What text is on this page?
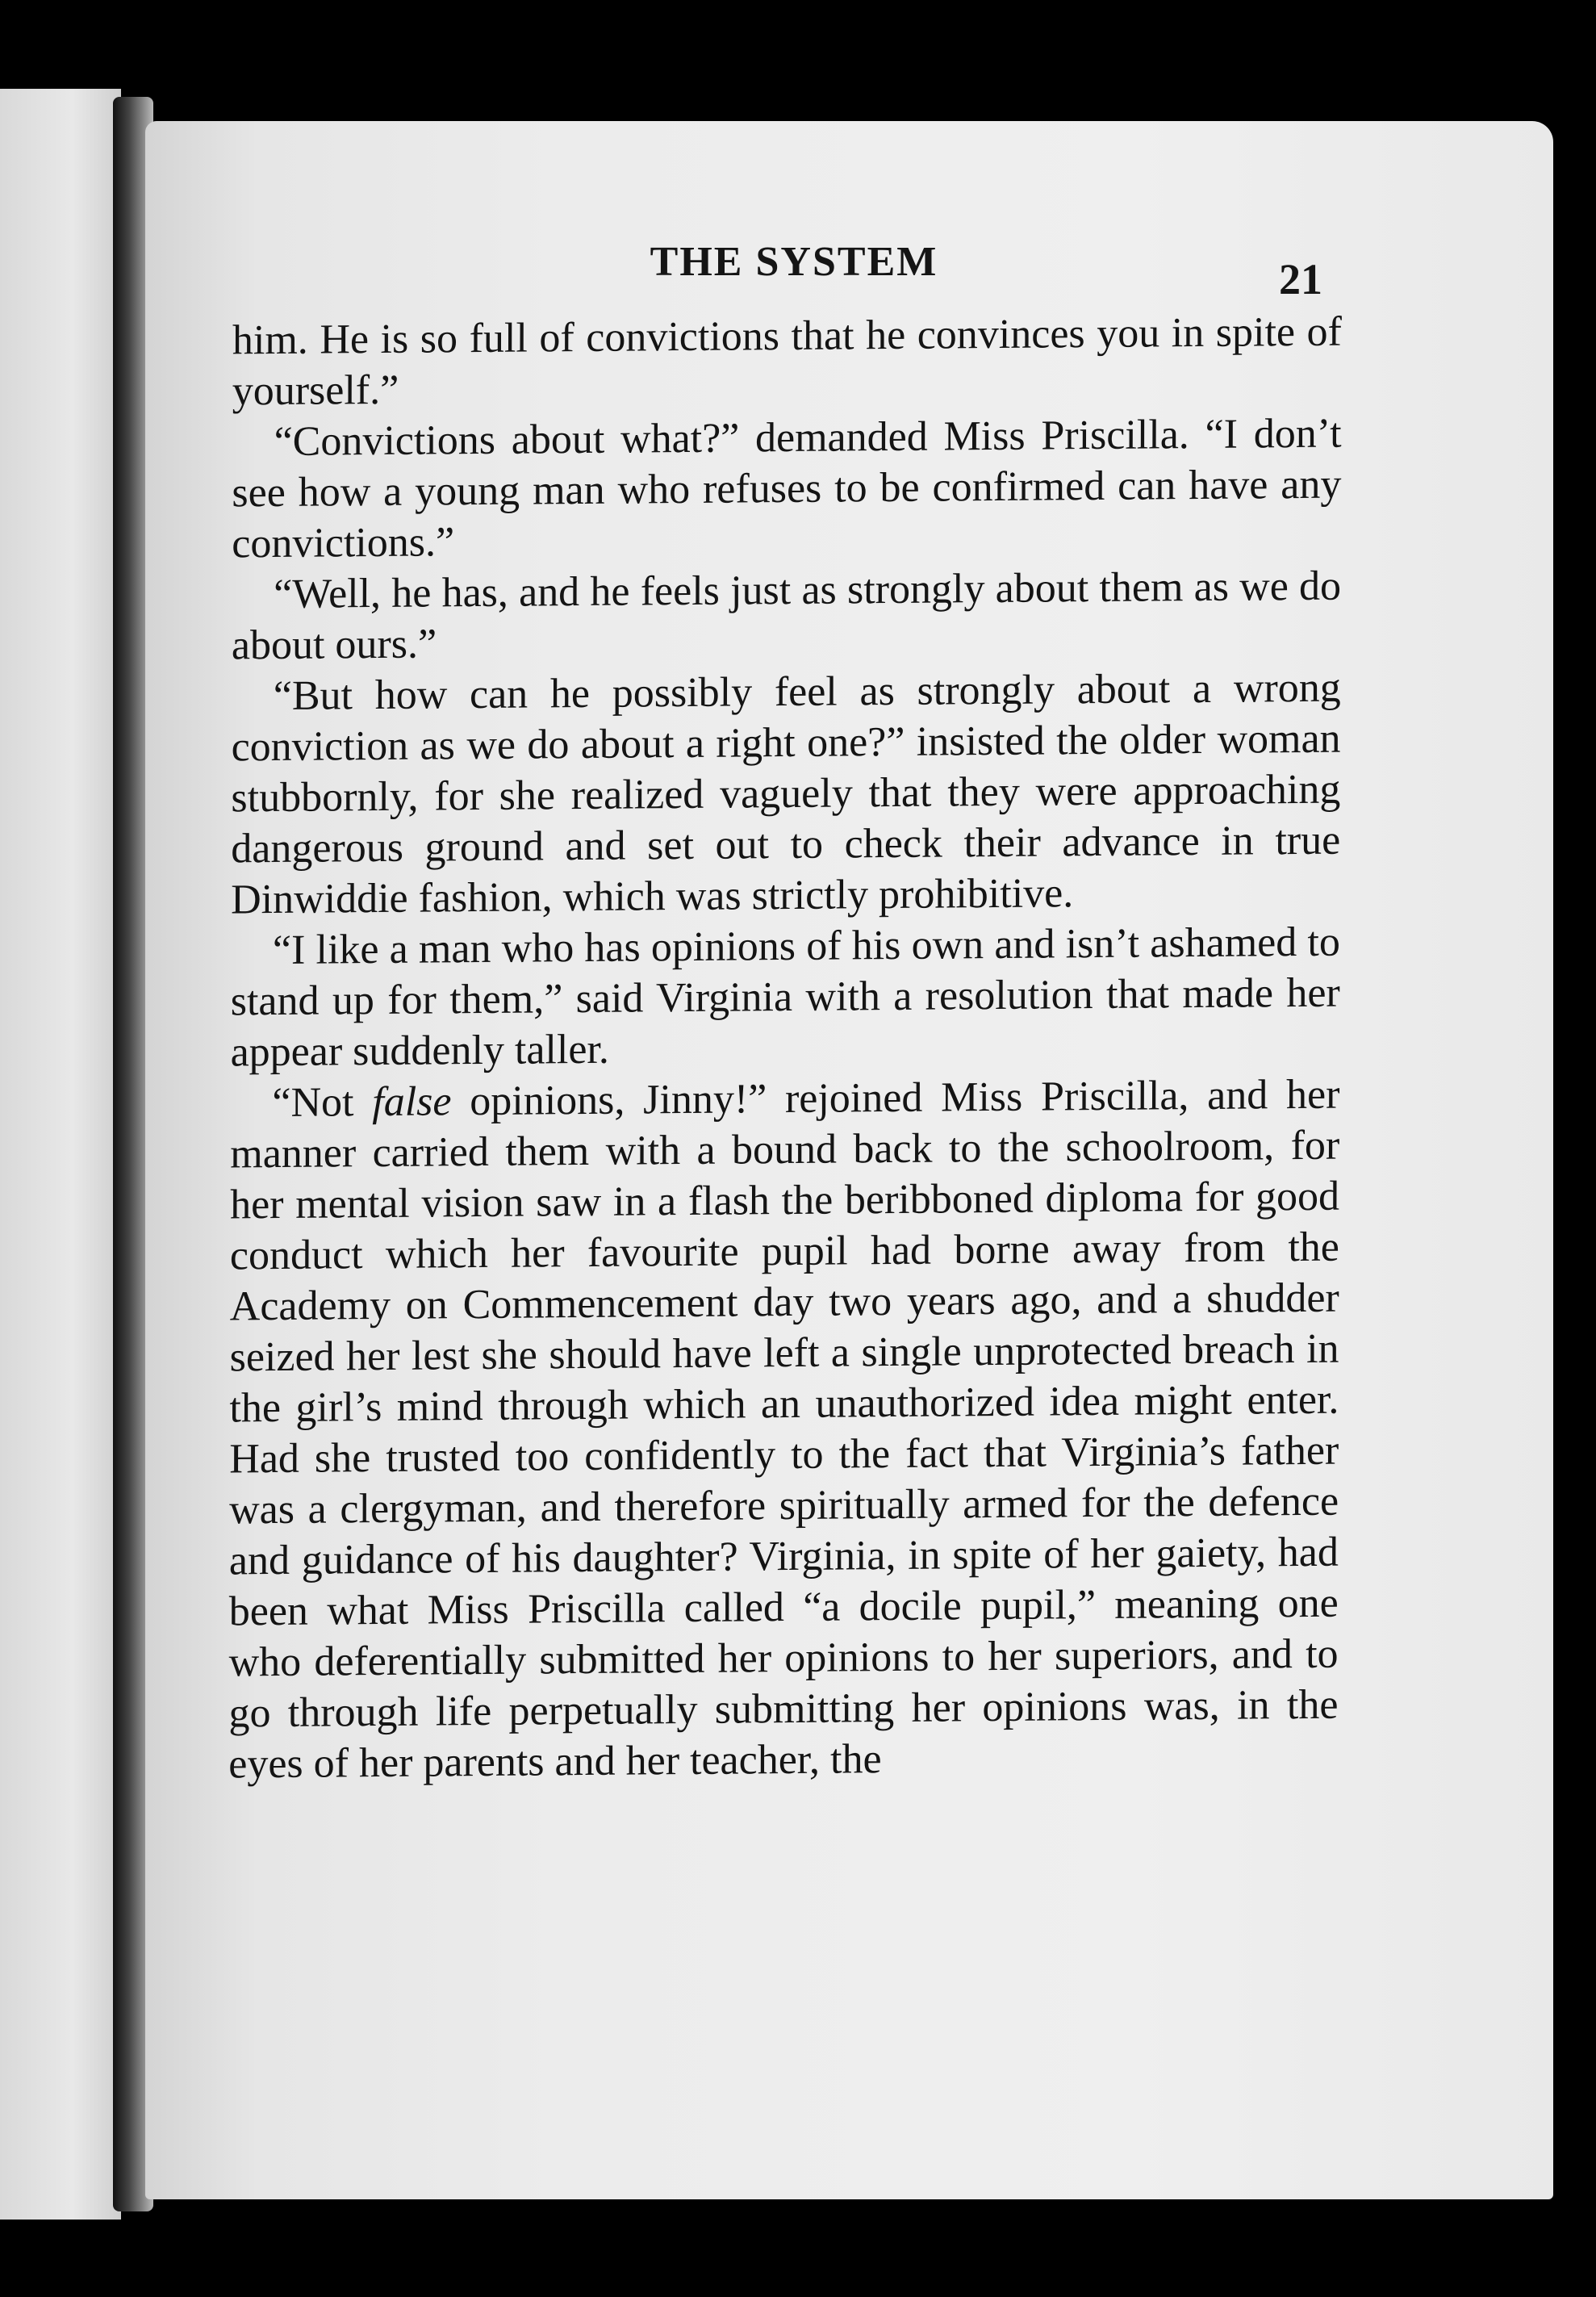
THE SYSTEM	21

him. He is so full of convictions that he convinces you in spite of yourself.”

“Convictions about what?” demanded Miss Priscilla. “I don’t see how a young man who refuses to be confirmed can have any convictions.”

“Well, he has, and he feels just as strongly about them as we do about ours.”

“But how can he possibly feel as strongly about a wrong conviction as we do about a right one?” insisted the older woman stubbornly, for she realized vaguely that they were approaching dangerous ground and set out to check their advance in true Dinwiddie fashion, which was strictly prohibitive.

“I like a man who has opinions of his own and isn’t ashamed to stand up for them,” said Virginia with a resolution that made her appear suddenly taller.

“Not false opinions, Jinny!” rejoined Miss Priscilla, and her manner carried them with a bound back to the schoolroom, for her mental vision saw in a flash the beribboned diploma for good conduct which her favourite pupil had borne away from the Academy on Commencement day two years ago, and a shudder seized her lest she should have left a single unprotected breach in the girl’s mind through which an unauthorized idea might enter. Had she trusted too confidently to the fact that Virginia’s father was a clergyman, and therefore spiritually armed for the defence and guidance of his daughter? Virginia, in spite of her gaiety, had been what Miss Priscilla called “a docile pupil,” meaning one who deferentially submitted her opinions to her superiors, and to go through life perpetually submitting her opinions was, in the eyes of her parents and her teacher, the
